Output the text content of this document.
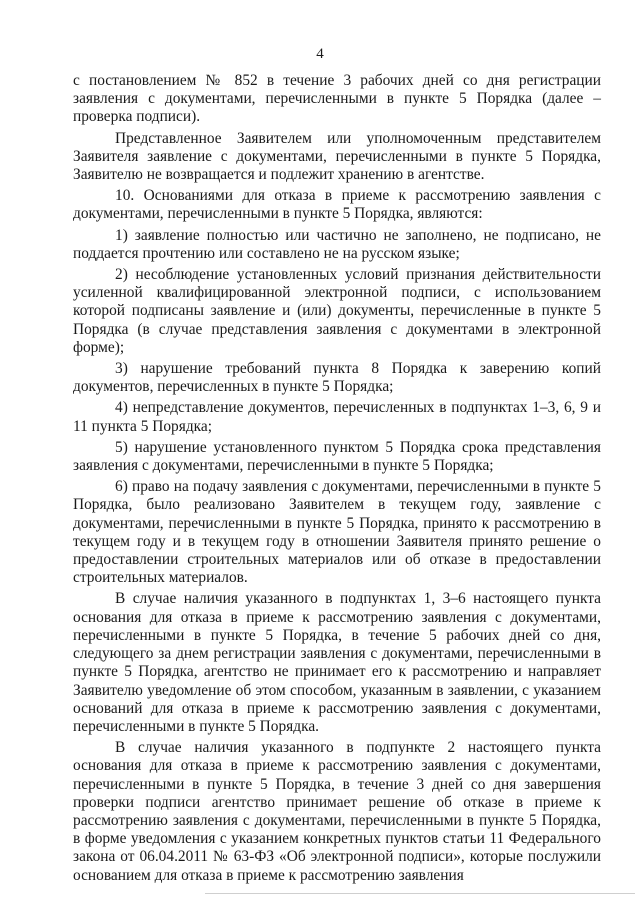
4

с постановлением № 852 в течение 3 рабочих дней со дня регистрации заявления с документами, перечисленными в пункте 5 Порядка (далее – проверка подписи).

Представленное Заявителем или уполномоченным представителем Заявителя заявление с документами, перечисленными в пункте 5 Порядка, Заявителю не возвращается и подлежит хранению в агентстве.

10. Основаниями для отказа в приеме к рассмотрению заявления с документами, перечисленными в пункте 5 Порядка, являются:

1) заявление полностью или частично не заполнено, не подписано, не поддается прочтению или составлено не на русском языке;

2) несоблюдение установленных условий признания действительности усиленной квалифицированной электронной подписи, с использованием которой подписаны заявление и (или) документы, перечисленные в пункте 5 Порядка (в случае представления заявления с документами в электронной форме);

3) нарушение требований пункта 8 Порядка к заверению копий документов, перечисленных в пункте 5 Порядка;

4) непредставление документов, перечисленных в подпунктах 1–3, 6, 9 и 11 пункта 5 Порядка;

5) нарушение установленного пунктом 5 Порядка срока представления заявления с документами, перечисленными в пункте 5 Порядка;

6) право на подачу заявления с документами, перечисленными в пункте 5 Порядка, было реализовано Заявителем в текущем году, заявление с документами, перечисленными в пункте 5 Порядка, принято к рассмотрению в текущем году и в текущем году в отношении Заявителя принято решение о предоставлении строительных материалов или об отказе в предоставлении строительных материалов.

В случае наличия указанного в подпунктах 1, 3–6 настоящего пункта основания для отказа в приеме к рассмотрению заявления с документами, перечисленными в пункте 5 Порядка, в течение 5 рабочих дней со дня, следующего за днем регистрации заявления с документами, перечисленными в пункте 5 Порядка, агентство не принимает его к рассмотрению и направляет Заявителю уведомление об этом способом, указанным в заявлении, с указанием оснований для отказа в приеме к рассмотрению заявления с документами, перечисленными в пункте 5 Порядка.

В случае наличия указанного в подпункте 2 настоящего пункта основания для отказа в приеме к рассмотрению заявления с документами, перечисленными в пункте 5 Порядка, в течение 3 дней со дня завершения проверки подписи агентство принимает решение об отказе в приеме к рассмотрению заявления с документами, перечисленными в пункте 5 Порядка, в форме уведомления с указанием конкретных пунктов статьи 11 Федерального закона от 06.04.2011 № 63-ФЗ «Об электронной подписи», которые послужили основанием для отказа в приеме к рассмотрению заявления
